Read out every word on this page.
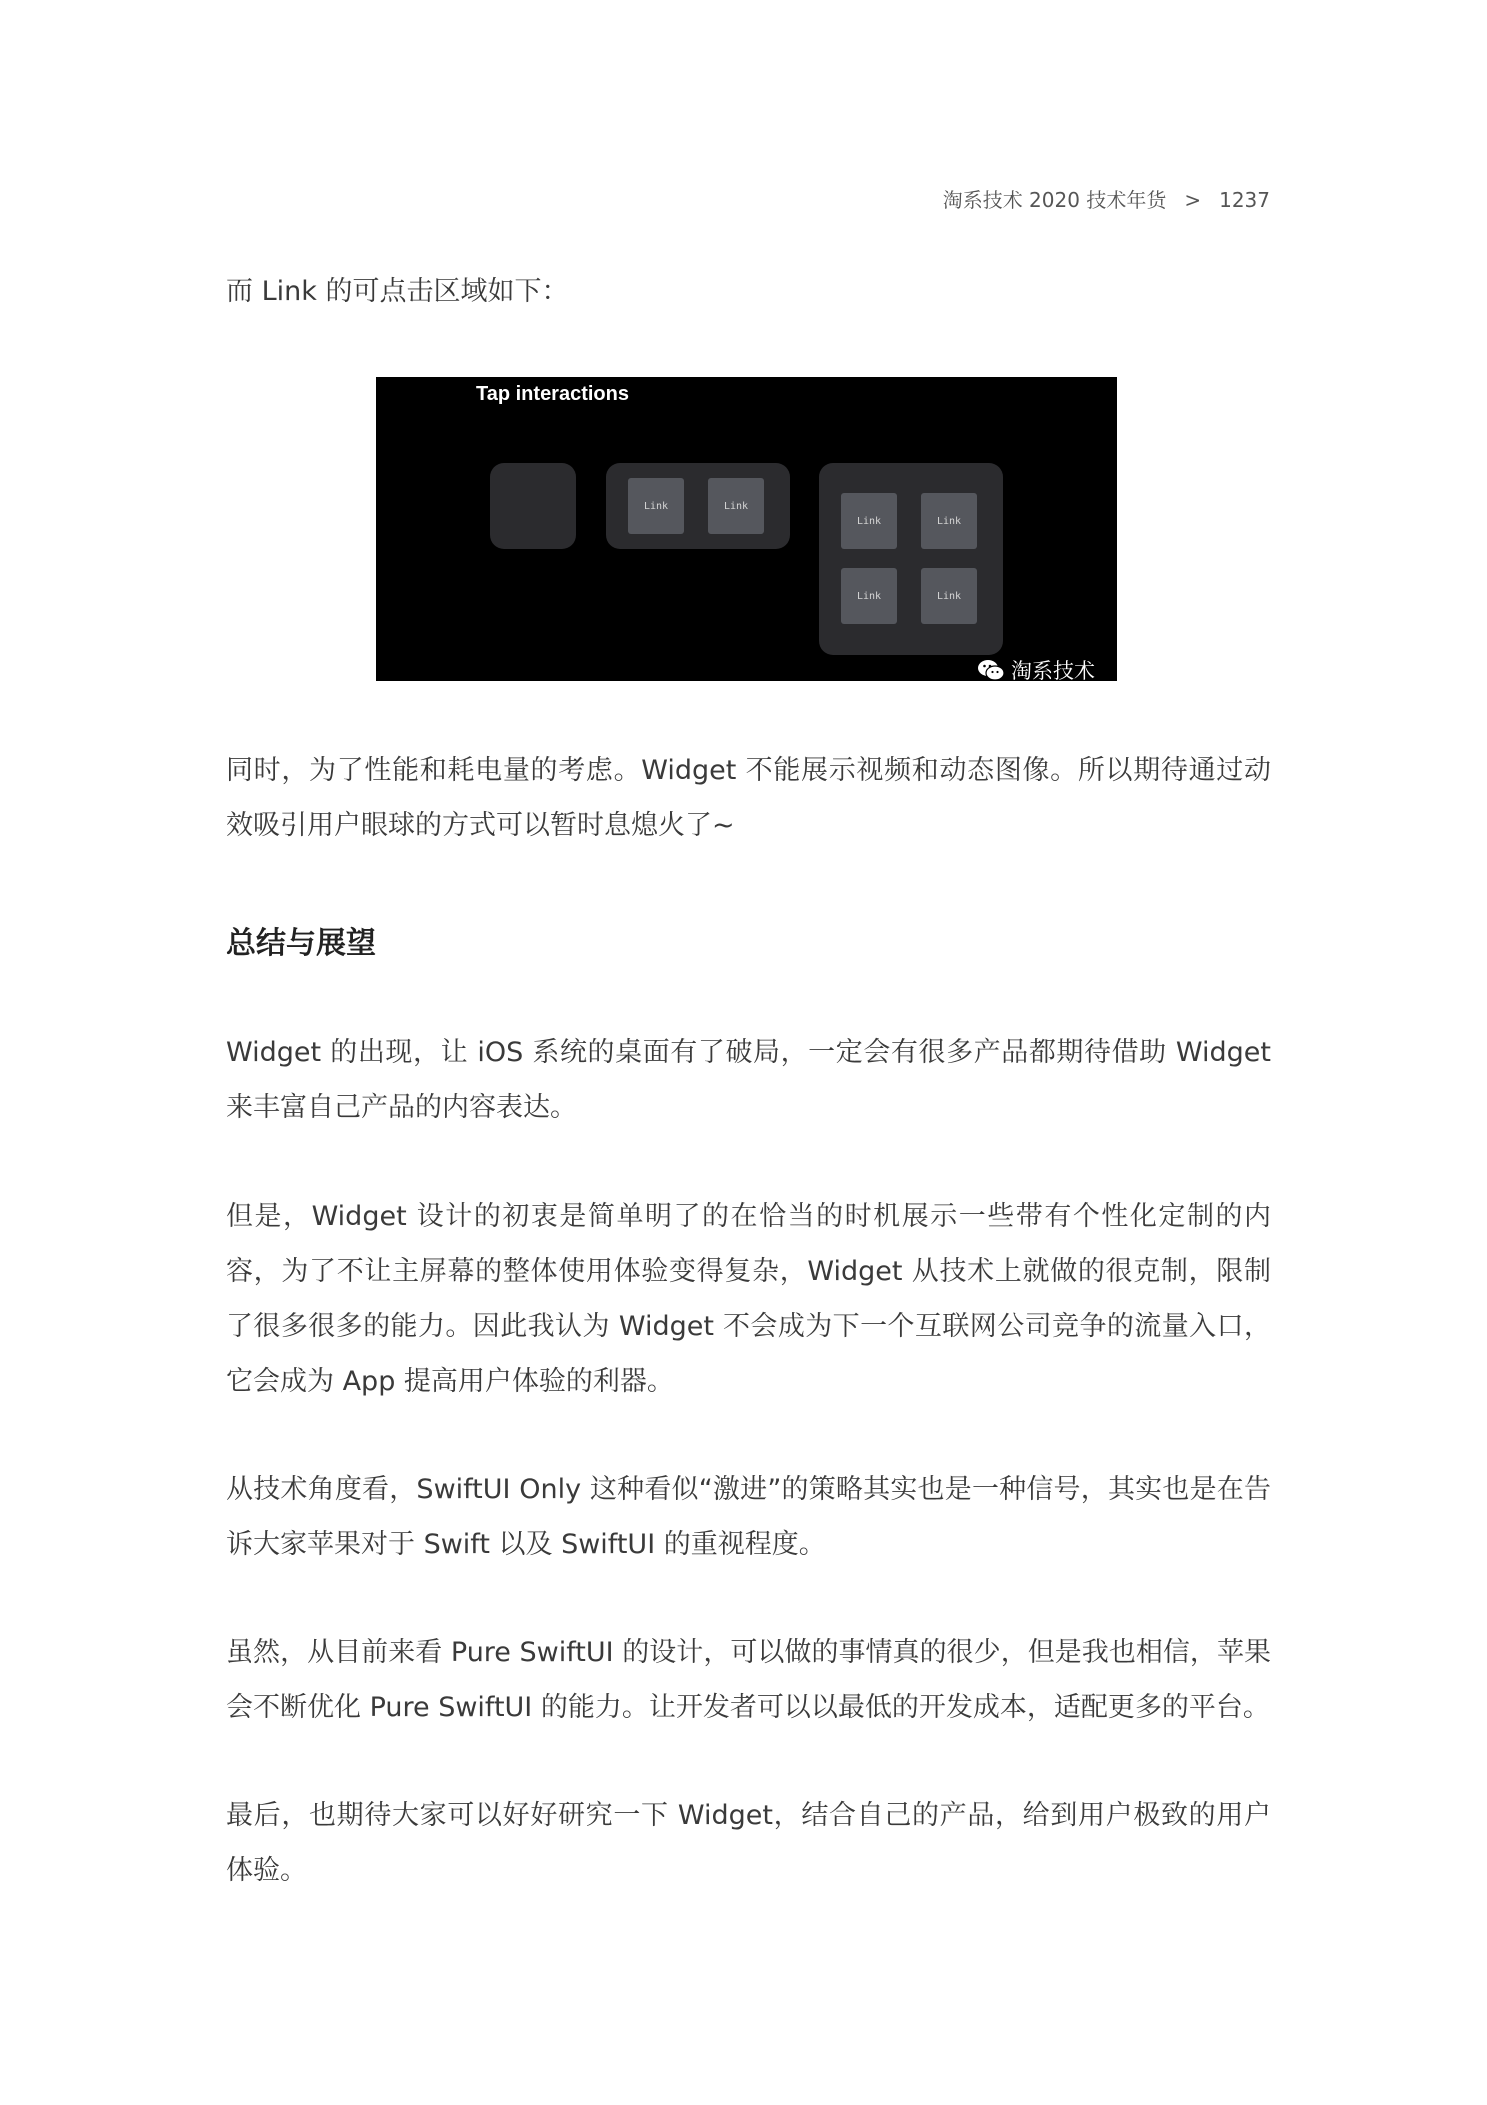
淘系技术 2020 技术年货 > 1237

而 Link 的可点击区域如下：

同时，为了性能和耗电量的考虑。Widget 不能展示视频和动态图像。所以期待通过动效吸引用户眼球的方式可以暂时息熄火了~

总结与展望

Widget 的出现，让 iOS 系统的桌面有了破局，一定会有很多产品都期待借助 Widget 来丰富自己产品的内容表达。

但是，Widget 设计的初衷是简单明了的在恰当的时机展示一些带有个性化定制的内容，为了不让主屏幕的整体使用体验变得复杂，Widget 从技术上就做的很克制，限制了很多很多的能力。因此我认为 Widget 不会成为下一个互联网公司竞争的流量入口，它会成为 App 提高用户体验的利器。

从技术角度看，SwiftUI Only 这种看似“激进”的策略其实也是一种信号，其实也是在告诉大家苹果对于 Swift 以及 SwiftUI 的重视程度。

虽然，从目前来看 Pure SwiftUI 的设计，可以做的事情真的很少，但是我也相信，苹果会不断优化 Pure SwiftUI 的能力。让开发者可以以最低的开发成本，适配更多的平台。

最后，也期待大家可以好好研究一下 Widget，结合自己的产品，给到用户极致的用户体验。

Tap interactions
Link	Link
Link	Link
Link	Link
淘系技术
